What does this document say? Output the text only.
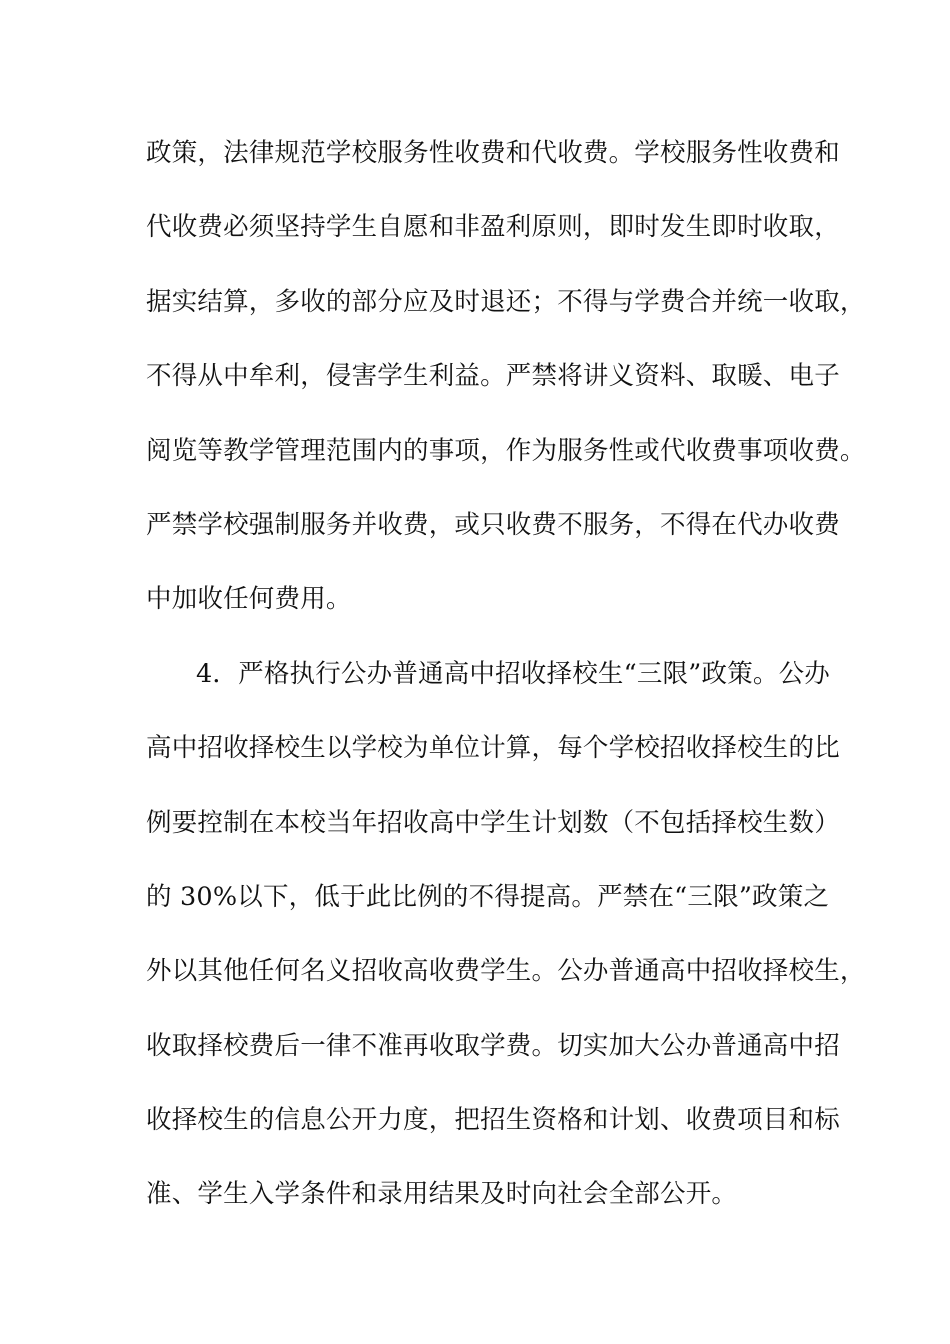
政策，法律规范学校服务性收费和代收费。学校服务性收费和
代收费必须坚持学生自愿和非盈利原则，即时发生即时收取，
据实结算，多收的部分应及时退还；不得与学费合并统一收取，
不得从中牟利，侵害学生利益。严禁将讲义资料、取暖、电子
阅览等教学管理范围内的事项，作为服务性或代收费事项收费。
严禁学校强制服务并收费，或只收费不服务，不得在代办收费
中加收任何费用。
4．严格执行公办普通高中招收择校生“三限”政策。公办
高中招收择校生以学校为单位计算，每个学校招收择校生的比
例要控制在本校当年招收高中学生计划数（不包括择校生数）
的 30%以下，低于此比例的不得提高。严禁在“三限”政策之
外以其他任何名义招收高收费学生。公办普通高中招收择校生，
收取择校费后一律不准再收取学费。切实加大公办普通高中招
收择校生的信息公开力度，把招生资格和计划、收费项目和标
准、学生入学条件和录用结果及时向社会全部公开。
